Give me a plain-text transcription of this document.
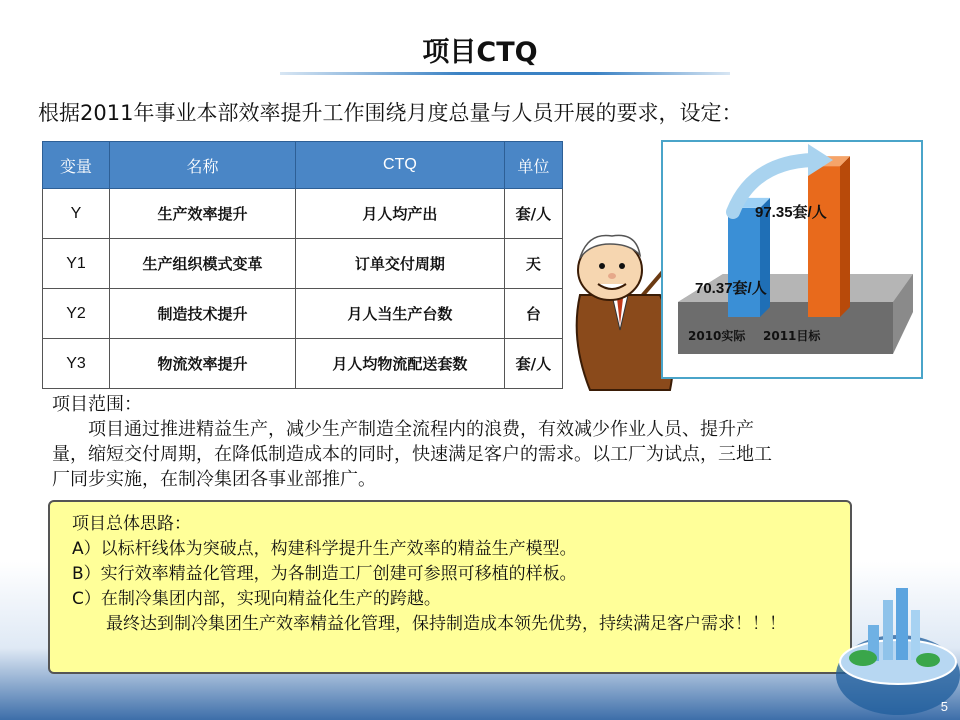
项目CTQ
根据2011年事业本部效率提升工作围绕月度总量与人员开展的要求，设定：
变量	名称	CTQ	单位
Y	生产效率提升	月人均产出	套/人
Y1	生产组织模式变革	订单交付周期	天
Y2	制造技术提升	月人当生产台数	台
Y3	物流效率提升	月人均物流配送套数	套/人
70.37套/人
2010实际
97.35套/人
2011目标

项目范围：

项目通过推进精益生产，减少生产制造全流程内的浪费，有效减少作业人员、提升产量，缩短交付周期，在降低制造成本的同时，快速满足客户的需求。以工厂为试点，三地工厂同步实施，在制冷集团各事业部推广。

项目总体思路：

A）以标杆线体为突破点，构建科学提升生产效率的精益生产模型。

B）实行效率精益化管理，为各制造工厂创建可参照可移植的样板。

C）在制冷集团内部，实现向精益化生产的跨越。

最终达到制冷集团生产效率精益化管理，保持制造成本领先优势，持续满足客户需求！！！

5
